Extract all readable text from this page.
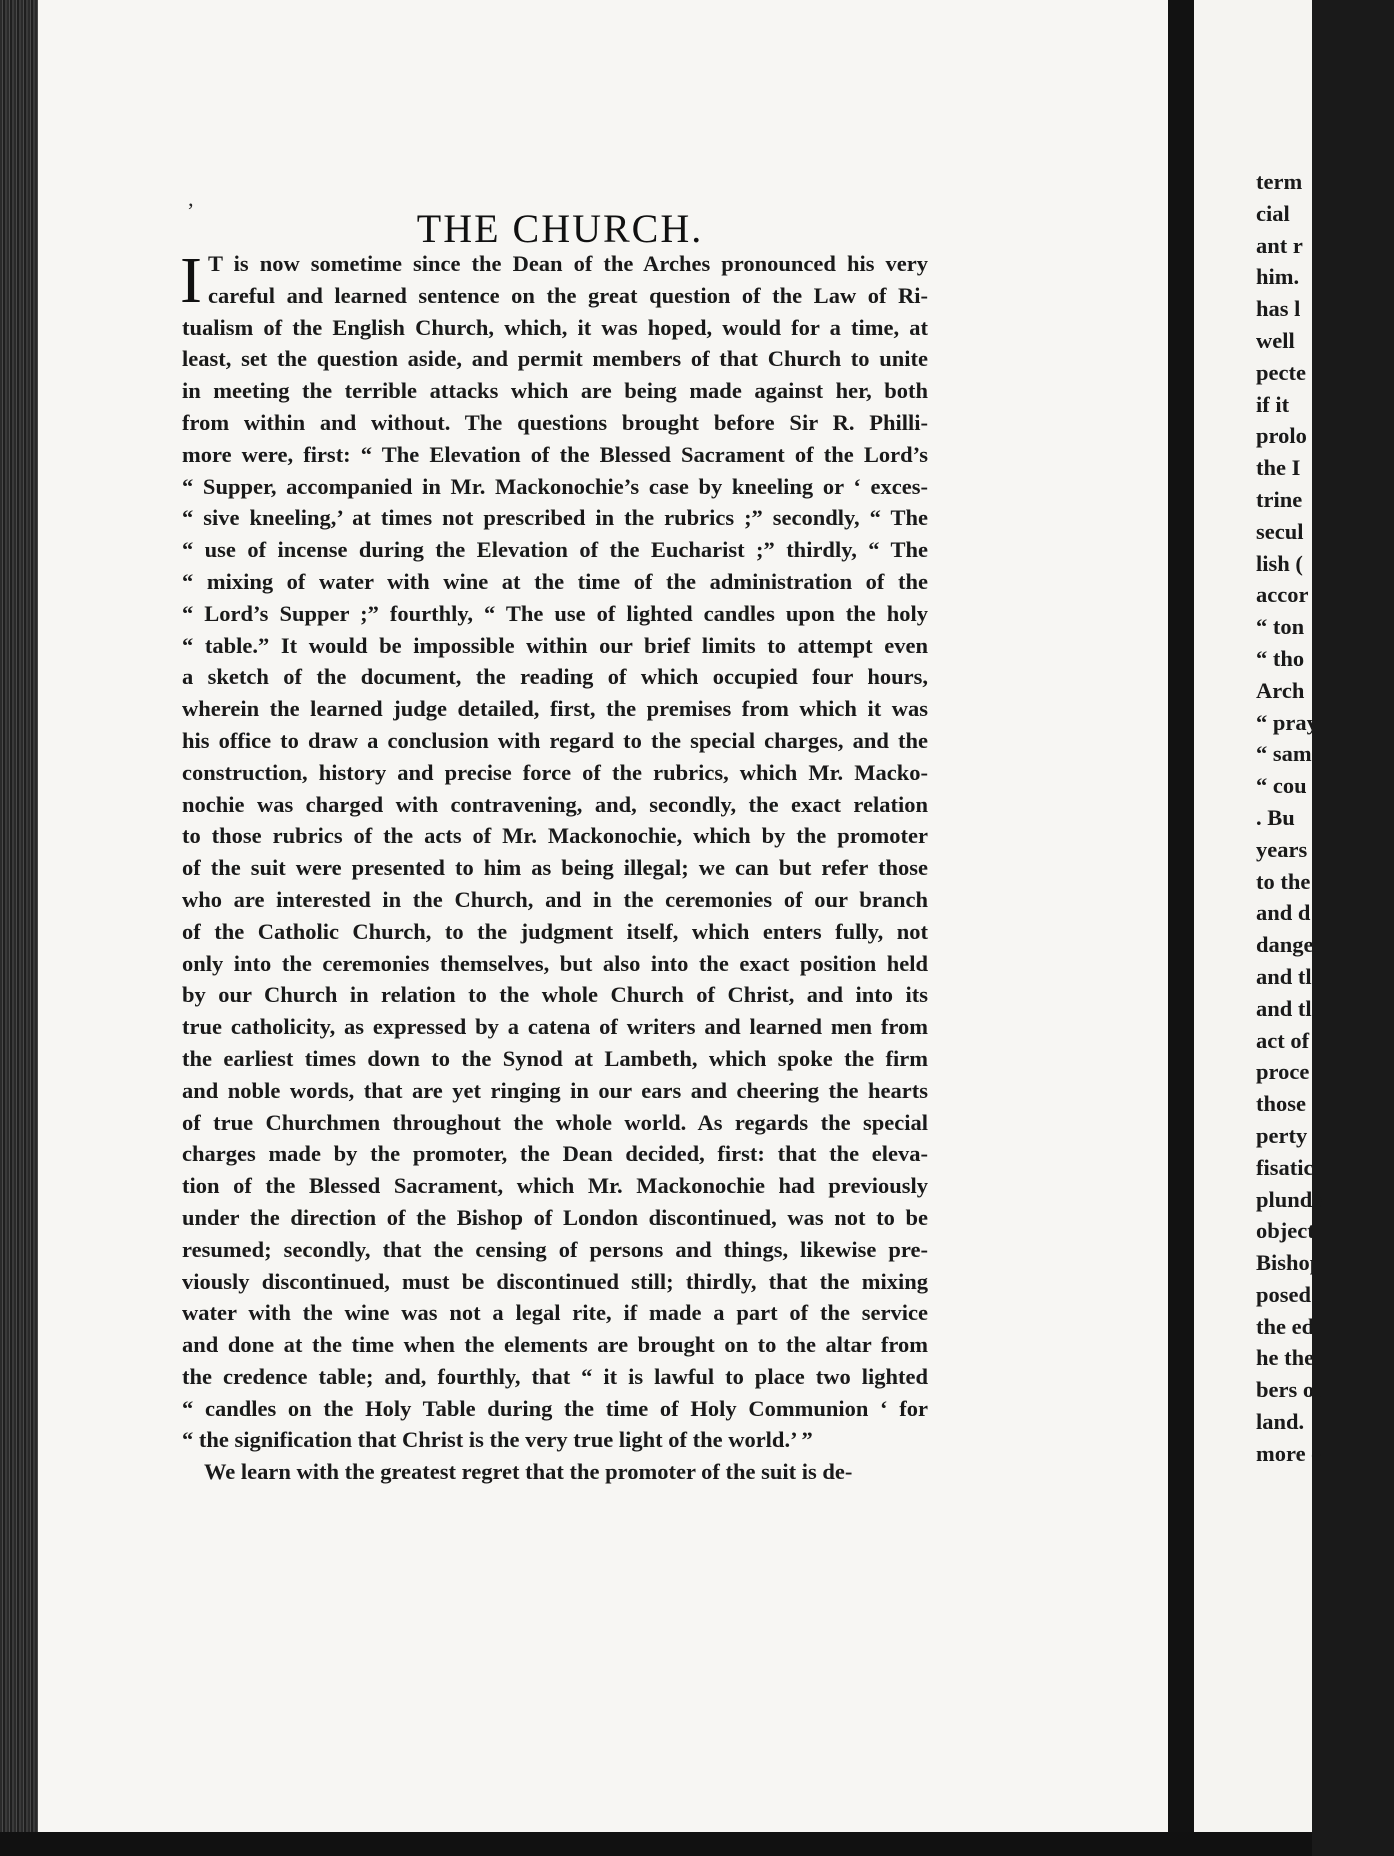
term
cial
ant r
him.
has l
well
pecte
if it
prolo
the I
trine
secul
lish (
accor
“ ton
“ tho
Arch
“ pray
“ sam
“ cou
. Bu
years
to the
and d
dange
and tl
and tl
act of
proce
those
perty
fisatic
plunde
object
Bishop
posed
the ed
he the
bers of
land.
more e
‚
THE CHURCH.
I T is now sometime since the Dean of the Arches pronounced his very
careful and learned sentence on the great question of the Law of Ri-
tualism of the English Church, which, it was hoped, would for a time, at
least, set the question aside, and permit members of that Church to unite
in meeting the terrible attacks which are being made against her, both
from within and without. The questions brought before Sir R. Philli-
more were, first: “ The Elevation of the Blessed Sacrament of the Lord’s
“ Supper, accompanied in Mr. Mackonochie’s case by kneeling or ‘ exces-
“ sive kneeling,’ at times not prescribed in the rubrics ;” secondly, “ The
“ use of incense during the Elevation of the Eucharist ;” thirdly, “ The
“ mixing of water with wine at the time of the administration of the
“ Lord’s Supper ;” fourthly, “ The use of lighted candles upon the holy
“ table.” It would be impossible within our brief limits to attempt even
a sketch of the document, the reading of which occupied four hours,
wherein the learned judge detailed, first, the premises from which it was
his office to draw a conclusion with regard to the special charges, and the
construction, history and precise force of the rubrics, which Mr. Macko-
nochie was charged with contravening, and, secondly, the exact relation
to those rubrics of the acts of Mr. Mackonochie, which by the promoter
of the suit were presented to him as being illegal; we can but refer those
who are interested in the Church, and in the ceremonies of our branch
of the Catholic Church, to the judgment itself, which enters fully, not
only into the ceremonies themselves, but also into the exact position held
by our Church in relation to the whole Church of Christ, and into its
true catholicity, as expressed by a catena of writers and learned men from
the earliest times down to the Synod at Lambeth, which spoke the firm
and noble words, that are yet ringing in our ears and cheering the hearts
of true Churchmen throughout the whole world. As regards the special
charges made by the promoter, the Dean decided, first: that the eleva-
tion of the Blessed Sacrament, which Mr. Mackonochie had previously
under the direction of the Bishop of London discontinued, was not to be
resumed; secondly, that the censing of persons and things, likewise pre-
viously discontinued, must be discontinued still; thirdly, that the mixing
water with the wine was not a legal rite, if made a part of the service
and done at the time when the elements are brought on to the altar from
the credence table; and, fourthly, that “ it is lawful to place two lighted
“ candles on the Holy Table during the time of Holy Communion ‘ for
“ the signification that Christ is the very true light of the world.’ ”
We learn with the greatest regret that the promoter of the suit is de-
